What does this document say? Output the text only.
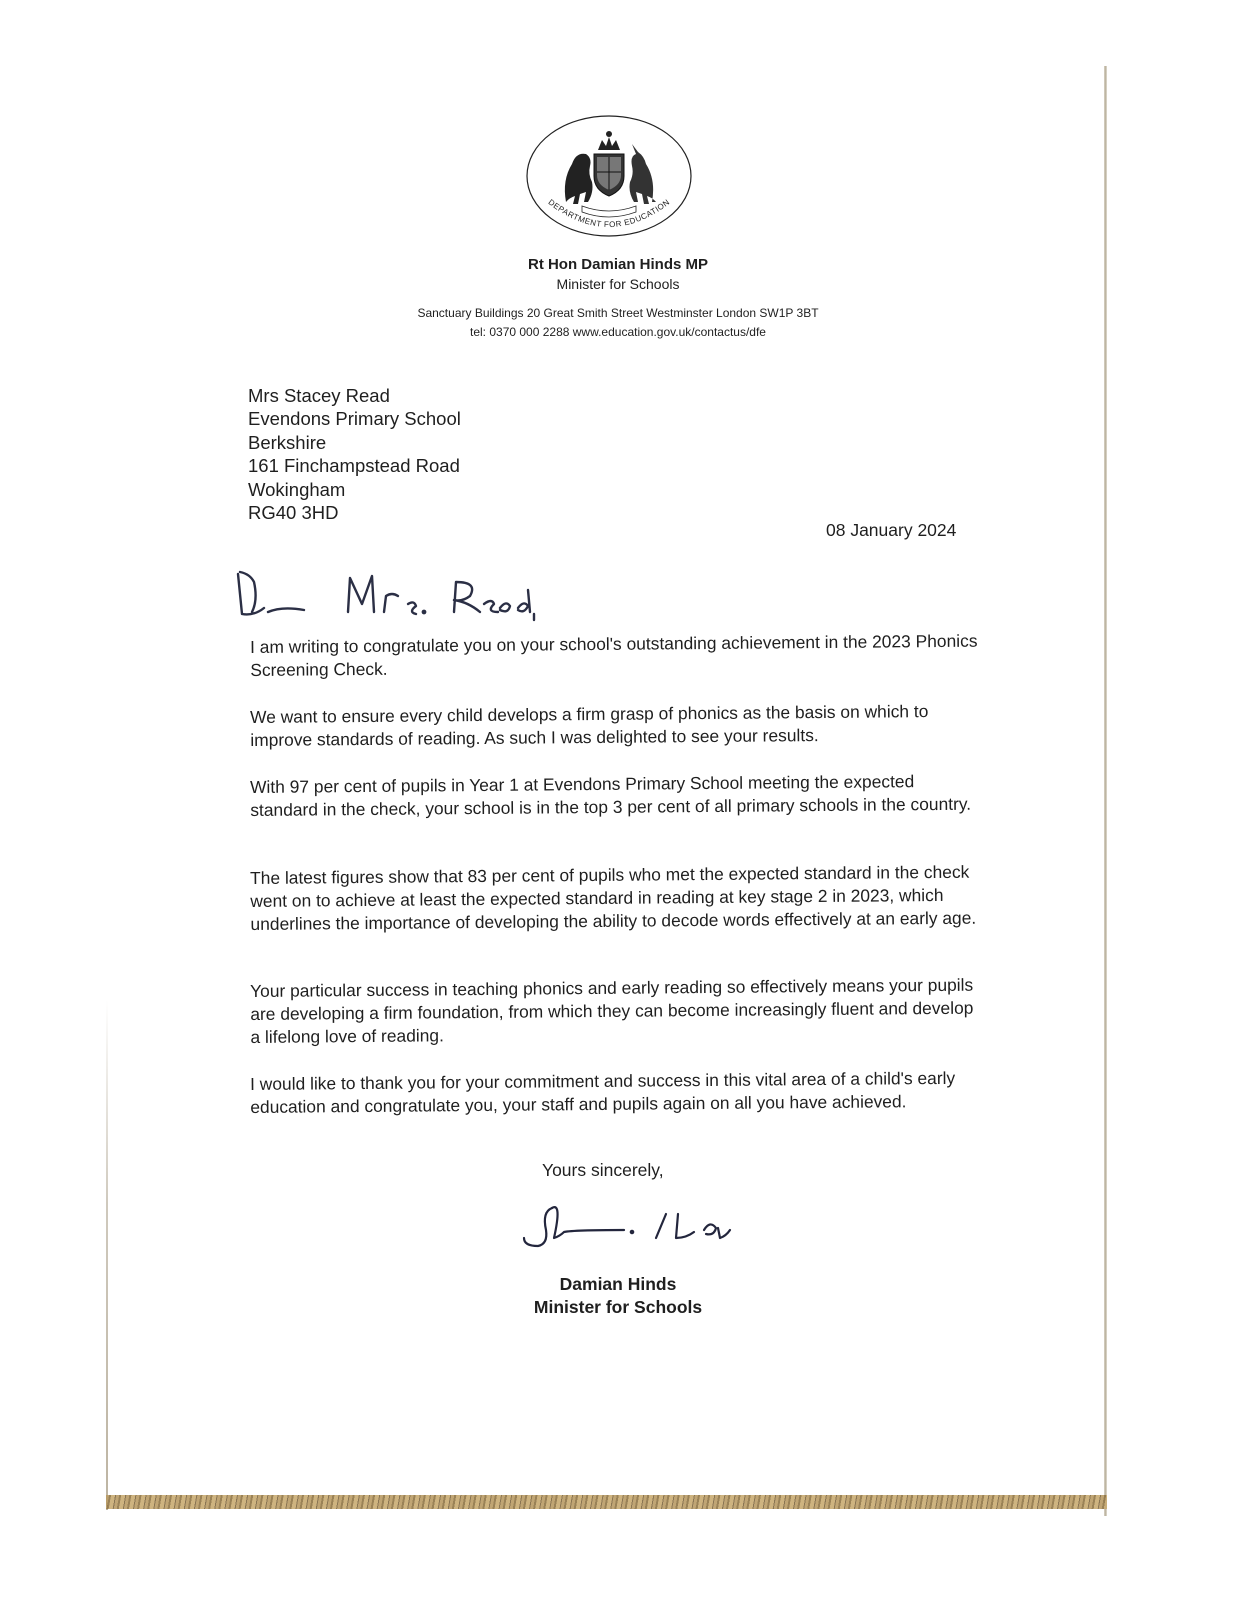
DEPARTMENT FOR EDUCATION
Rt Hon Damian Hinds MP
Minister for Schools
Sanctuary Buildings 20 Great Smith Street Westminster London SW1P 3BT
tel: 0370 000 2288 www.education.gov.uk/contactus/dfe
Mrs Stacey Read
Evendons Primary School
Berkshire
161 Finchampstead Road
Wokingham
RG40 3HD
08 January 2024
I am writing to congratulate you on your school's outstanding achievement in the 2023 Phonics Screening Check.
We want to ensure every child develops a firm grasp of phonics as the basis on which to improve standards of reading. As such I was delighted to see your results.
With 97 per cent of pupils in Year 1 at Evendons Primary School meeting the expected standard in the check, your school is in the top 3 per cent of all primary schools in the country.
The latest figures show that 83 per cent of pupils who met the expected standard in the check went on to achieve at least the expected standard in reading at key stage 2 in 2023, which underlines the importance of developing the ability to decode words effectively at an early age.
Your particular success in teaching phonics and early reading so effectively means your pupils are developing a firm foundation, from which they can become increasingly fluent and develop a lifelong love of reading.
I would like to thank you for your commitment and success in this vital area of a child's early education and congratulate you, your staff and pupils again on all you have achieved.
Yours sincerely,
Damian Hinds
Minister for Schools
